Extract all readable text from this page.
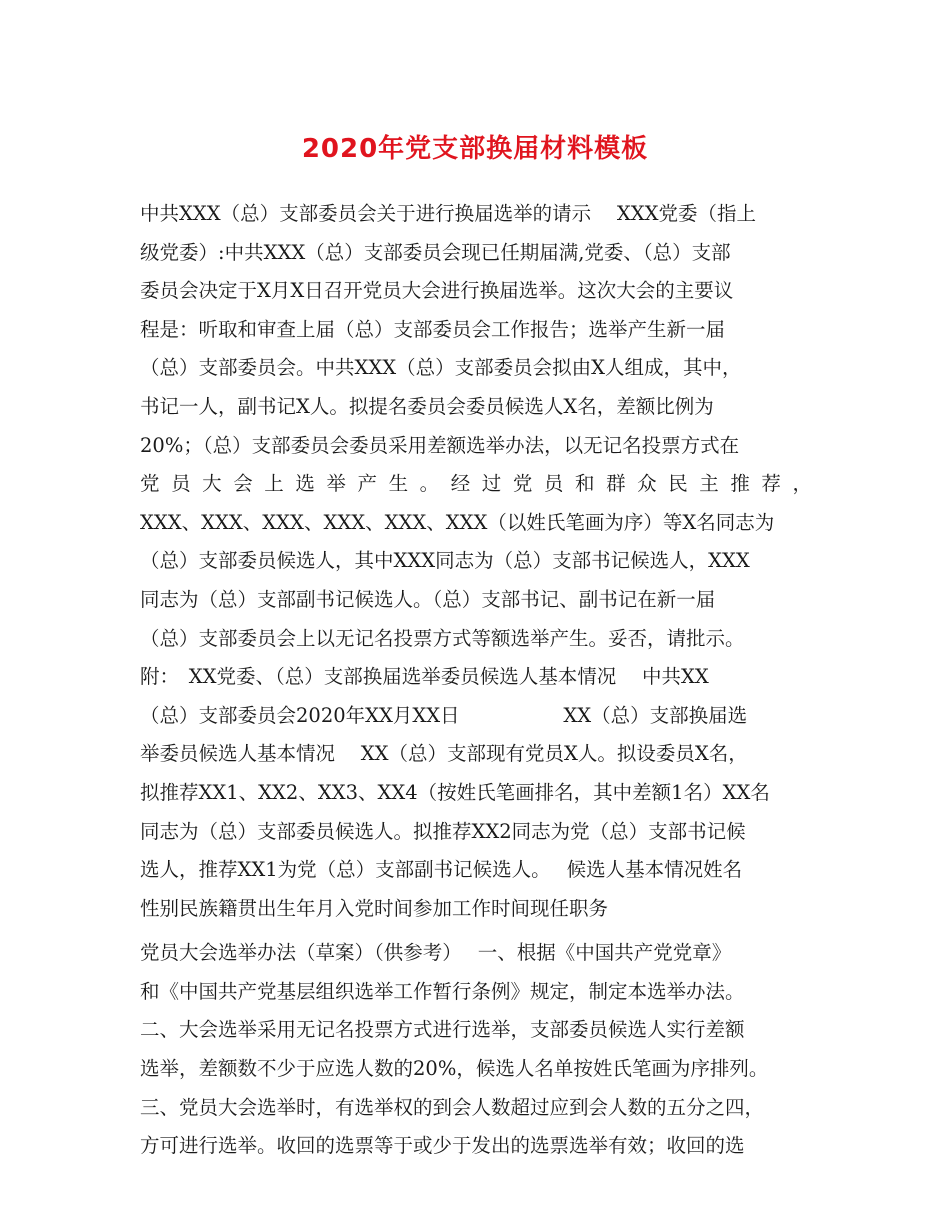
2020年党支部换届材料模板
中共XXX（总）支部委员会关于进行换届选举的请示　 XXX党委（指上
级党委）:中共XXX（总）支部委员会现已任期届满,党委、（总）支部
委员会决定于X月X日召开党员大会进行换届选举。这次大会的主要议
程是：听取和审查上届（总）支部委员会工作报告；选举产生新一届
（总）支部委员会。中共XXX（总）支部委员会拟由X人组成，其中，
书记一人，副书记X人。拟提名委员会委员候选人X名，差额比例为
20%；（总）支部委员会委员采用差额选举办法，以无记名投票方式在
党 员 大 会 上 选 举 产 生 。 经 过 党 员 和 群 众 民 主 推 荐 ，
XXX、XXX、XXX、XXX、XXX、XXX（以姓氏笔画为序）等X名同志为
（总）支部委员候选人，其中XXX同志为（总）支部书记候选人，XXX
同志为（总）支部副书记候选人。（总）支部书记、副书记在新一届
（总）支部委员会上以无记名投票方式等额选举产生。妥否，请批示。
附：　XX党委、（总）支部换届选举委员候选人基本情况　 中共XX
（总）支部委员会2020年XX月XX日　　　　　 XX（总）支部换届选
举委员候选人基本情况　 XX（总）支部现有党员X人。拟设委员X名，
拟推荐XX1、XX2、XX3、XX4（按姓氏笔画排名，其中差额1名）XX名
同志为（总）支部委员候选人。拟推荐XX2同志为党（总）支部书记候
选人，推荐XX1为党（总）支部副书记候选人。　 候选人基本情况姓名
性别民族籍贯出生年月入党时间参加工作时间现任职务
党员大会选举办法（草案）（供参考）　 一、根据《中国共产党党章》
和《中国共产党基层组织选举工作暂行条例》规定，制定本选举办法。
二、大会选举采用无记名投票方式进行选举，支部委员候选人实行差额
选举，差额数不少于应选人数的20%，候选人名单按姓氏笔画为序排列。
三、党员大会选举时，有选举权的到会人数超过应到会人数的五分之四，
方可进行选举。收回的选票等于或少于发出的选票选举有效；收回的选
